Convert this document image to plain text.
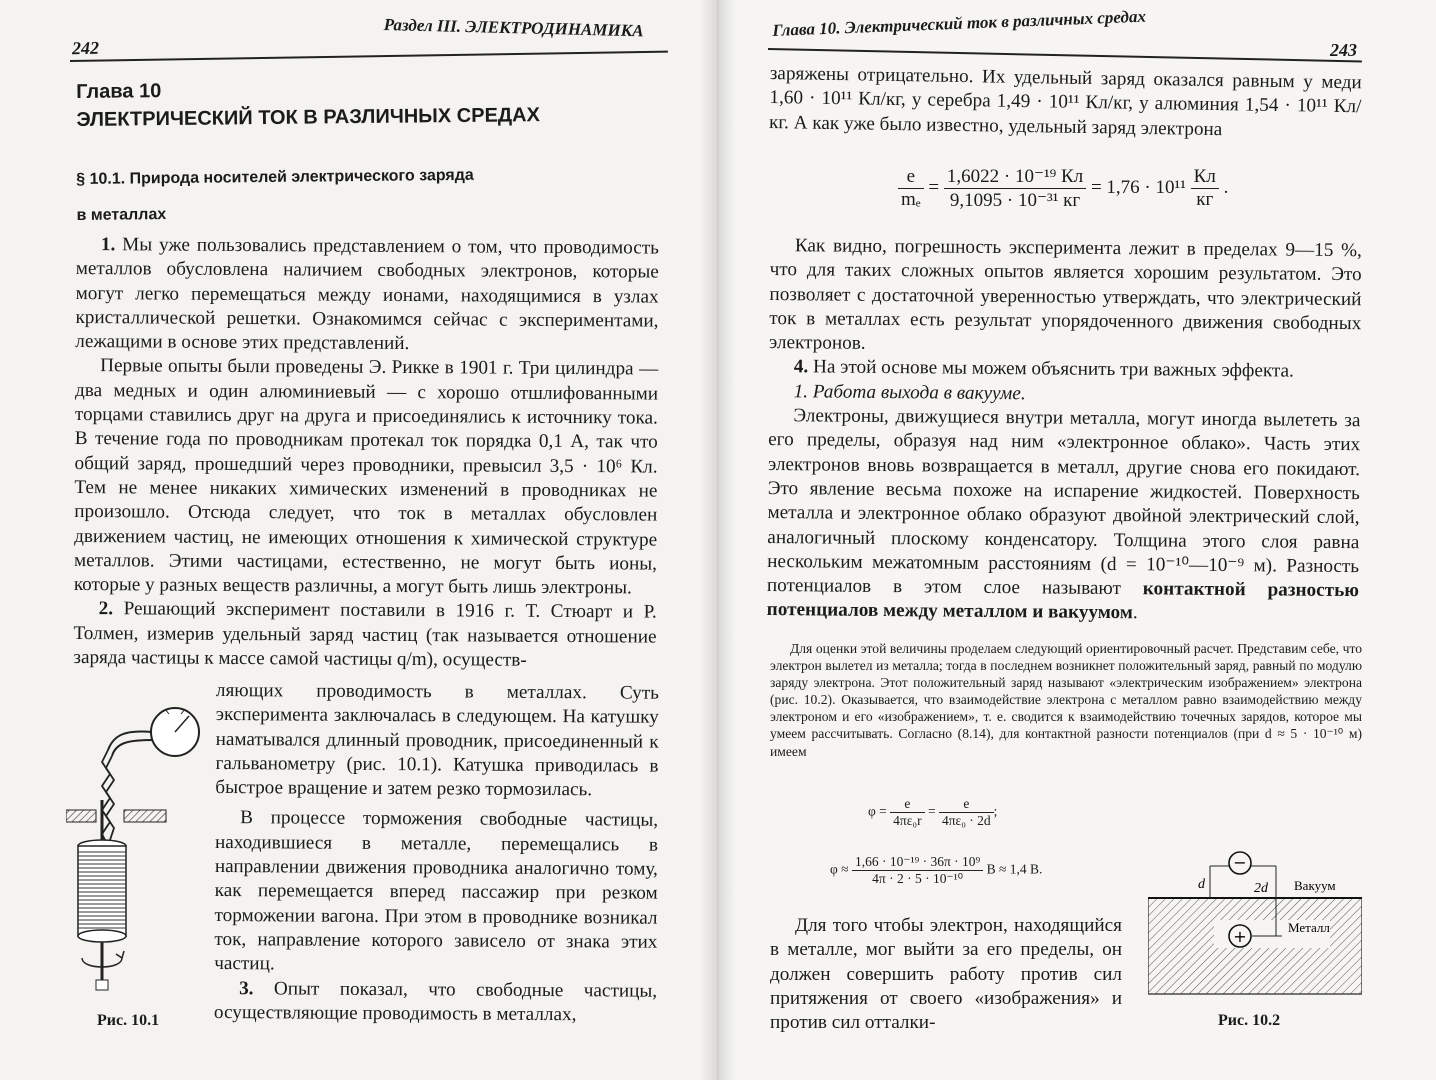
242
Раздел III. ЭЛЕКТРОДИНАМИКА
Глава 10
ЭЛЕКТРИЧЕСКИЙ ТОК В РАЗЛИЧНЫХ СРЕДАХ
§ 10.1. Природа носителей электрического заряда
в металлах

1. Мы уже пользовались представлением о том, что проводимость металлов обусловлена наличием свободных электронов, которые могут легко перемещаться между ионами, находящимися в узлах кристаллической решетки. Ознакомимся сейчас с экспериментами, лежащими в основе этих представлений.

Первые опыты были проведены Э. Рикке в 1901 г. Три цилиндра — два медных и один алюминиевый — с хорошо отшлифованными торцами ставились друг на друга и присоединялись к источнику тока. В течение года по проводникам протекал ток порядка 0,1 А, так что общий заряд, прошедший через проводники, превысил 3,5 · 10⁶ Кл. Тем не менее никаких химических изменений в проводниках не произошло. Отсюда следует, что ток в металлах обусловлен движением частиц, не имеющих отношения к химической структуре металлов. Этими частицами, естественно, не могут быть ионы, которые у разных веществ различны, а могут быть лишь электроны.

2. Решающий эксперимент поставили в 1916 г. Т. Стюарт и Р. Толмен, измерив удельный заряд частиц (так называется отношение заряда частицы к массе самой частицы q/m), осуществ-

ляющих проводимость в металлах. Суть эксперимента заключалась в следующем. На катушку наматывался длинный проводник, присоединенный к гальванометру (рис. 10.1). Катушка приводилась в быстрое вращение и затем резко тормозилась.

В процессе торможения свободные частицы, находившиеся в металле, перемещались в направлении движения проводника аналогично тому, как перемещается вперед пассажир при резком торможении вагона. При этом в проводнике возникал ток, направление которого зависело от знака этих частиц.

3. Опыт показал, что свободные частицы, осуществляющие проводимость в металлах,

Рис. 10.1
Глава 10. Электрический ток в различных средах
243

заряжены отрицательно. Их удельный заряд оказался равным у меди 1,60 · 10¹¹ Кл/кг, у серебра 1,49 · 10¹¹ Кл/кг, у алюминия 1,54 · 10¹¹ Кл/кг. А как уже было известно, удельный заряд электрона

$\frac{e}{\text{mₑ}} = \frac{\text{1,6022 · 10⁻¹⁹ Кл}}{\text{9,1095 · 10⁻³¹ кг}} = 1,76 \cdot 10^{11} \frac{Кл}{кг}$ .

Как видно, погрешность эксперимента лежит в пределах 9—15 %, что для таких сложных опытов является хорошим результатом. Это позволяет с достаточной уверенностью утверждать, что электрический ток в металлах есть результат упорядоченного движения свободных электронов.

4. На этой основе мы можем объяснить три важных эффекта.

1. Работа выхода в вакууме.

Электроны, движущиеся внутри металла, могут иногда вылететь за его пределы, образуя над ним «электронное облако». Часть этих электронов вновь возвращается в металл, другие снова его покидают. Это явление весьма похоже на испарение жидкостей. Поверхность металла и электронное облако образуют двойной электрический слой, аналогичный плоскому конденсатору. Толщина этого слоя равна нескольким межатомным расстояниям (d = 10⁻¹⁰—10⁻⁹ м). Разность потенциалов в этом слое называют контактной разностью потенциалов между металлом и вакуумом.

Для оценки этой величины проделаем следующий ориентировочный расчет. Представим себе, что электрон вылетел из металла; тогда в последнем возникнет положительный заряд, равный по модулю заряду электрона. Этот положительный заряд называют «электрическим изображением» электрона (рис. 10.2). Оказывается, что взаимодействие электрона с металлом равно взаимодействию между электроном и его «изображением», т. е. сводится к взаимодействию точечных зарядов, которое мы умеем рассчитывать. Согласно (8.14), для контактной разности потенциалов (при d ≈ 5 · 10⁻¹⁰ м) имеем

$\varphi = \frac{e}{\text{4πε₀r}} = \frac{e}{\text{4πε₀ · 2d}}$ ;
$\varphi \approx \frac{\text{1,66 · 10⁻¹⁹ · 36π · 10⁹}}{\text{4π · 2 · 5 · 10⁻¹⁰}}$ В ≈ 1,4 В.

Для того чтобы электрон, находящийся в металле, мог выйти за его пределы, он должен совершить работу против сил притяжения от своего «изображения» и против сил отталки-

−
d
+
2d Вакуум
Металл
Рис. 10.2
